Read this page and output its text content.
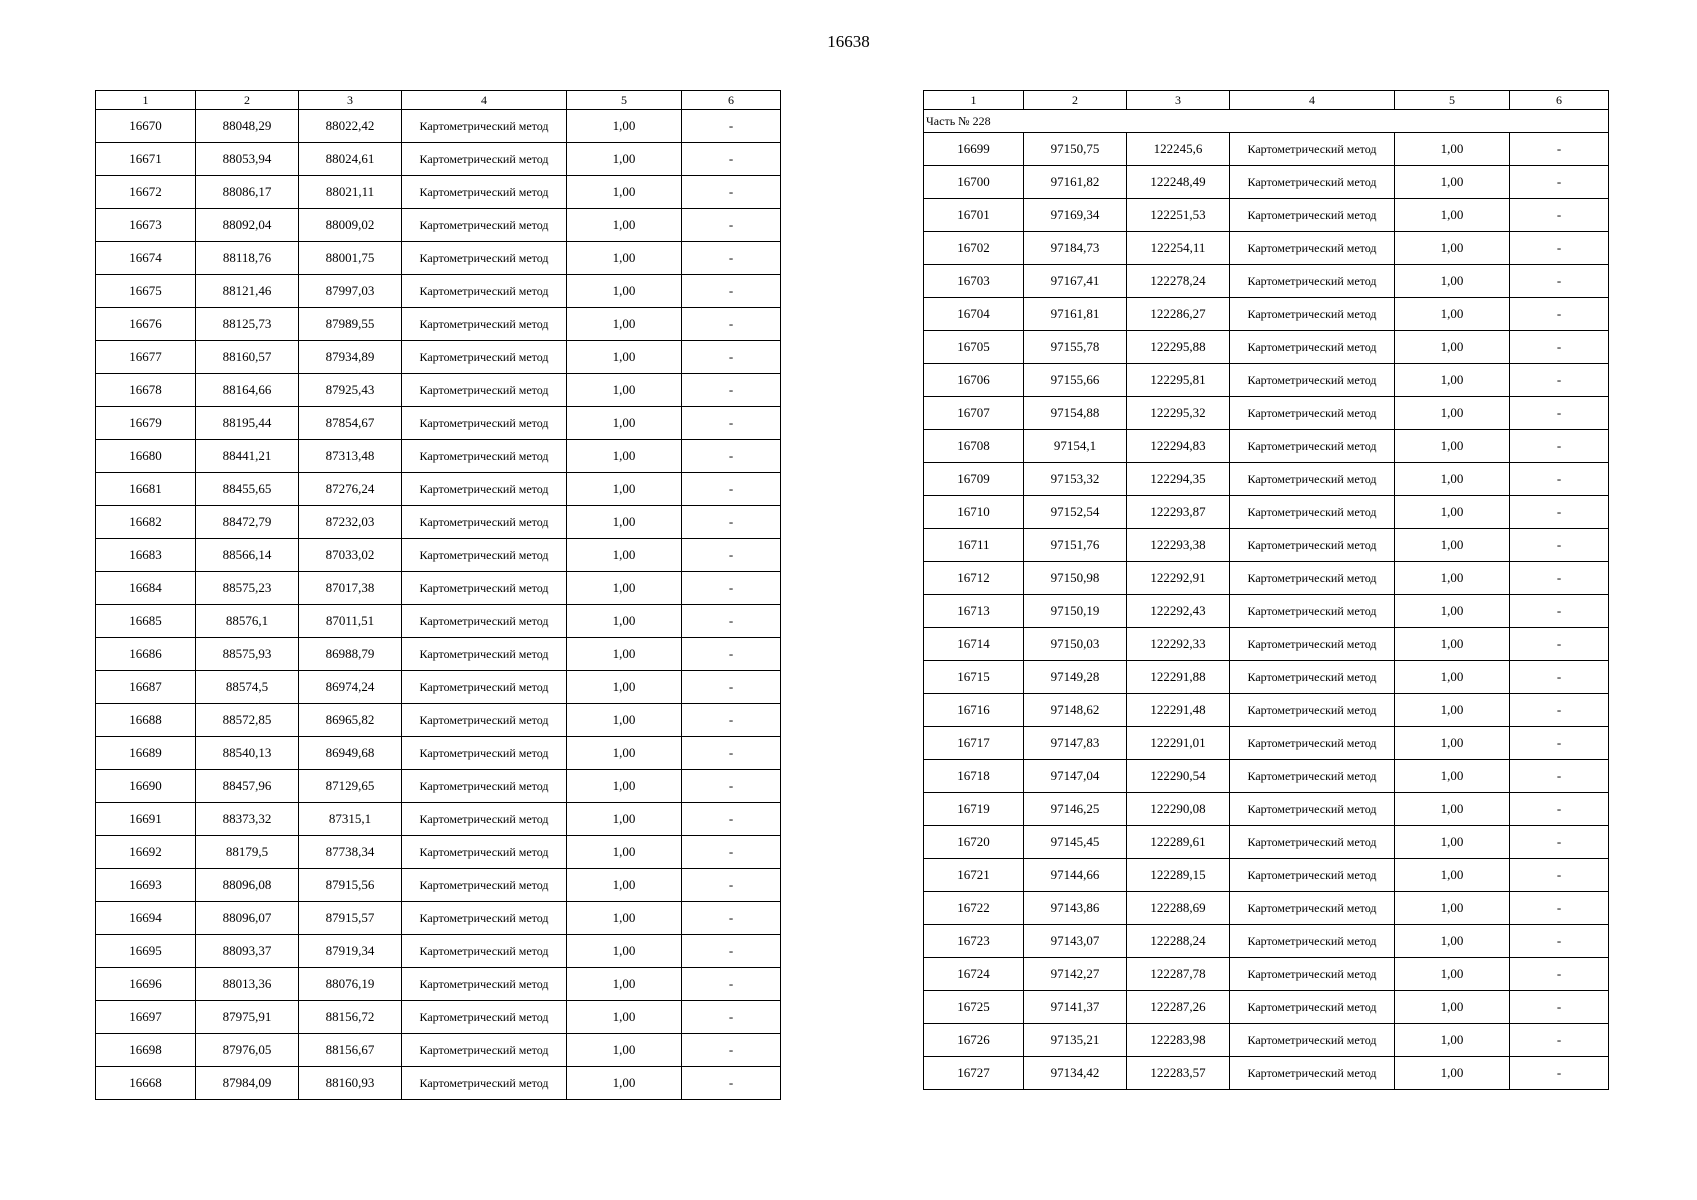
16638
1	2	3	4	5	6
16670	88048,29	88022,42	Картометрический метод	1,00	-
16671	88053,94	88024,61	Картометрический метод	1,00	-
16672	88086,17	88021,11	Картометрический метод	1,00	-
16673	88092,04	88009,02	Картометрический метод	1,00	-
16674	88118,76	88001,75	Картометрический метод	1,00	-
16675	88121,46	87997,03	Картометрический метод	1,00	-
16676	88125,73	87989,55	Картометрический метод	1,00	-
16677	88160,57	87934,89	Картометрический метод	1,00	-
16678	88164,66	87925,43	Картометрический метод	1,00	-
16679	88195,44	87854,67	Картометрический метод	1,00	-
16680	88441,21	87313,48	Картометрический метод	1,00	-
16681	88455,65	87276,24	Картометрический метод	1,00	-
16682	88472,79	87232,03	Картометрический метод	1,00	-
16683	88566,14	87033,02	Картометрический метод	1,00	-
16684	88575,23	87017,38	Картометрический метод	1,00	-
16685	88576,1	87011,51	Картометрический метод	1,00	-
16686	88575,93	86988,79	Картометрический метод	1,00	-
16687	88574,5	86974,24	Картометрический метод	1,00	-
16688	88572,85	86965,82	Картометрический метод	1,00	-
16689	88540,13	86949,68	Картометрический метод	1,00	-
16690	88457,96	87129,65	Картометрический метод	1,00	-
16691	88373,32	87315,1	Картометрический метод	1,00	-
16692	88179,5	87738,34	Картометрический метод	1,00	-
16693	88096,08	87915,56	Картометрический метод	1,00	-
16694	88096,07	87915,57	Картометрический метод	1,00	-
16695	88093,37	87919,34	Картометрический метод	1,00	-
16696	88013,36	88076,19	Картометрический метод	1,00	-
16697	87975,91	88156,72	Картометрический метод	1,00	-
16698	87976,05	88156,67	Картометрический метод	1,00	-
16668	87984,09	88160,93	Картометрический метод	1,00	-
1	2	3	4	5	6
Часть № 228					
16699	97150,75	122245,6	Картометрический метод	1,00	-
16700	97161,82	122248,49	Картометрический метод	1,00	-
16701	97169,34	122251,53	Картометрический метод	1,00	-
16702	97184,73	122254,11	Картометрический метод	1,00	-
16703	97167,41	122278,24	Картометрический метод	1,00	-
16704	97161,81	122286,27	Картометрический метод	1,00	-
16705	97155,78	122295,88	Картометрический метод	1,00	-
16706	97155,66	122295,81	Картометрический метод	1,00	-
16707	97154,88	122295,32	Картометрический метод	1,00	-
16708	97154,1	122294,83	Картометрический метод	1,00	-
16709	97153,32	122294,35	Картометрический метод	1,00	-
16710	97152,54	122293,87	Картометрический метод	1,00	-
16711	97151,76	122293,38	Картометрический метод	1,00	-
16712	97150,98	122292,91	Картометрический метод	1,00	-
16713	97150,19	122292,43	Картометрический метод	1,00	-
16714	97150,03	122292,33	Картометрический метод	1,00	-
16715	97149,28	122291,88	Картометрический метод	1,00	-
16716	97148,62	122291,48	Картометрический метод	1,00	-
16717	97147,83	122291,01	Картометрический метод	1,00	-
16718	97147,04	122290,54	Картометрический метод	1,00	-
16719	97146,25	122290,08	Картометрический метод	1,00	-
16720	97145,45	122289,61	Картометрический метод	1,00	-
16721	97144,66	122289,15	Картометрический метод	1,00	-
16722	97143,86	122288,69	Картометрический метод	1,00	-
16723	97143,07	122288,24	Картометрический метод	1,00	-
16724	97142,27	122287,78	Картометрический метод	1,00	-
16725	97141,37	122287,26	Картометрический метод	1,00	-
16726	97135,21	122283,98	Картометрический метод	1,00	-
16727	97134,42	122283,57	Картометрический метод	1,00	-
